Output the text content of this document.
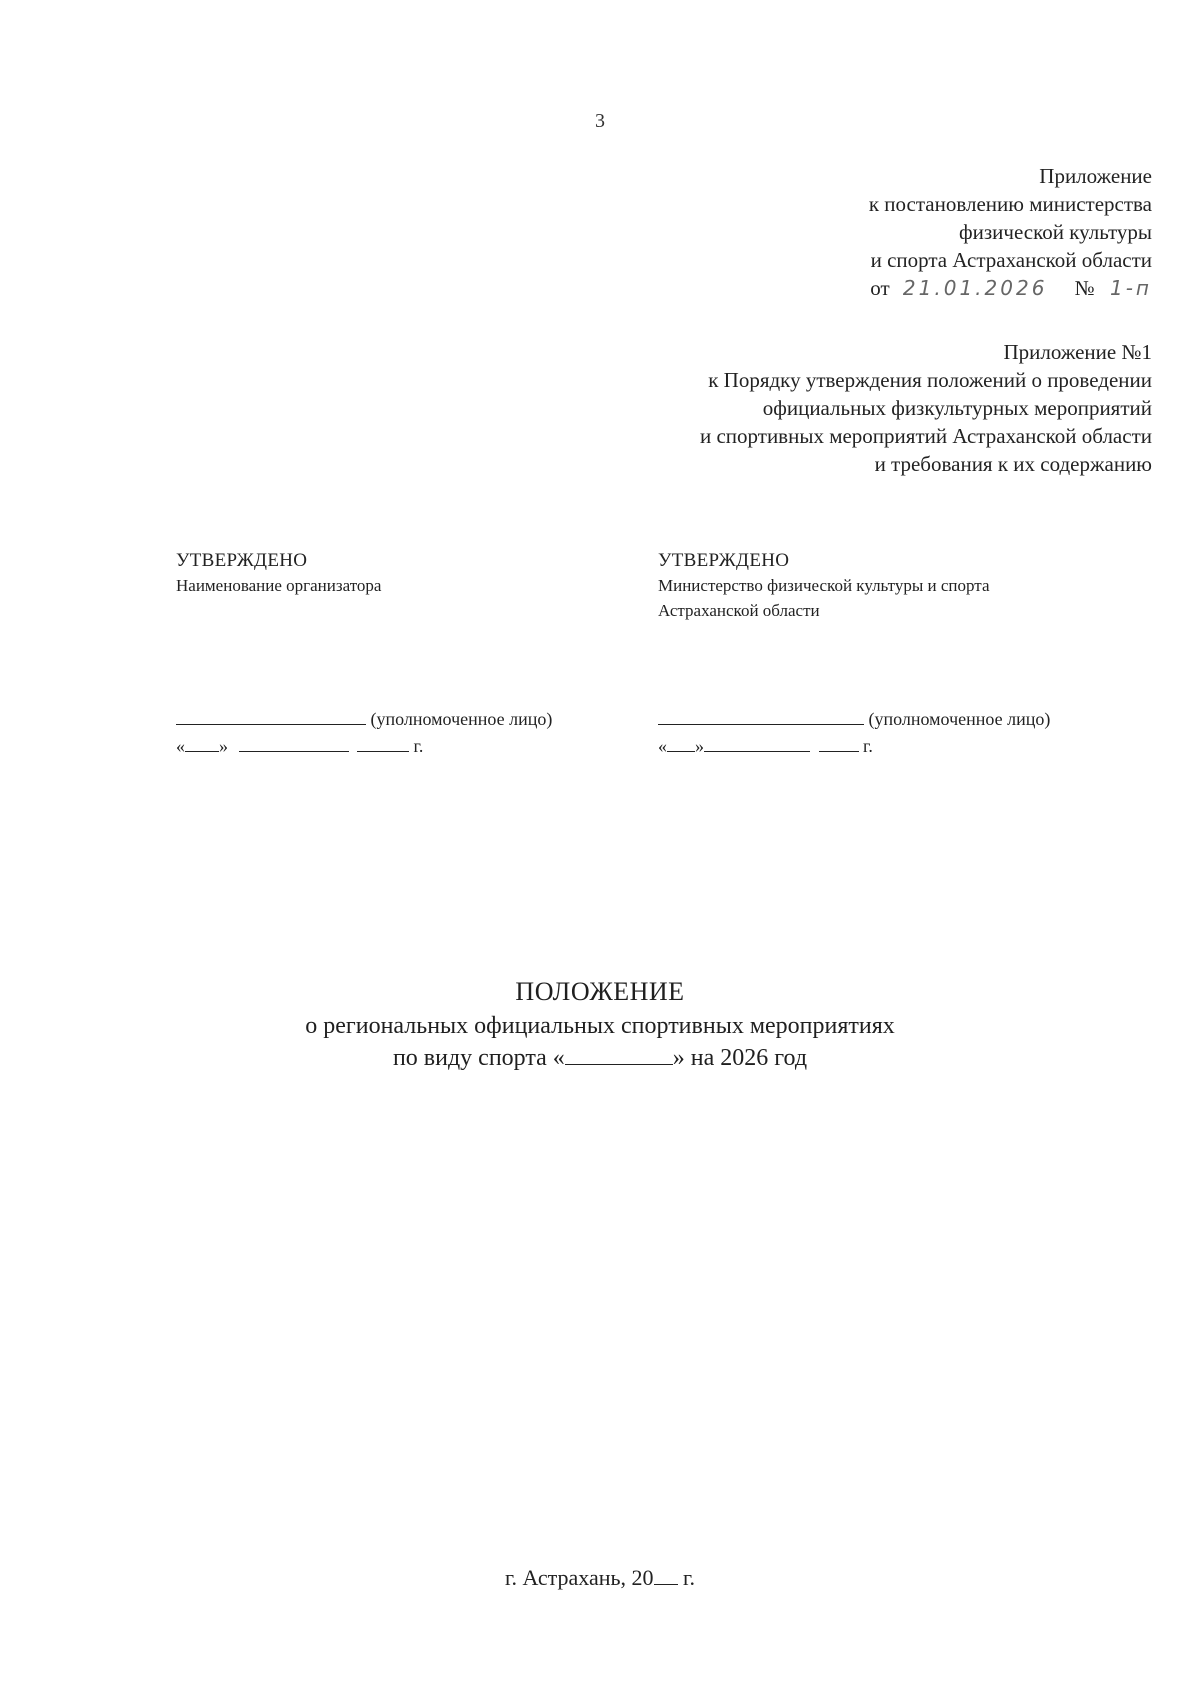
3
Приложение
к постановлению министерства
физической культуры
и спорта Астраханской области
от 21.01.2026 № 1-п
Приложение №1
к Порядку утверждения положений о проведении
официальных физкультурных мероприятий
и спортивных мероприятий Астраханской области
и требования к их содержанию
УТВЕРЖДЕНО
Наименование организатора
УТВЕРЖДЕНО
Министерство физической культуры и спорта
Астраханской области
(уполномоченное лицо)
« »	г.
(уполномоченное лицо)
« »	г.
ПОЛОЖЕНИЕ
о региональных официальных спортивных мероприятиях
по виду спорта «	» на 2026 год
г. Астрахань, 20 г.
